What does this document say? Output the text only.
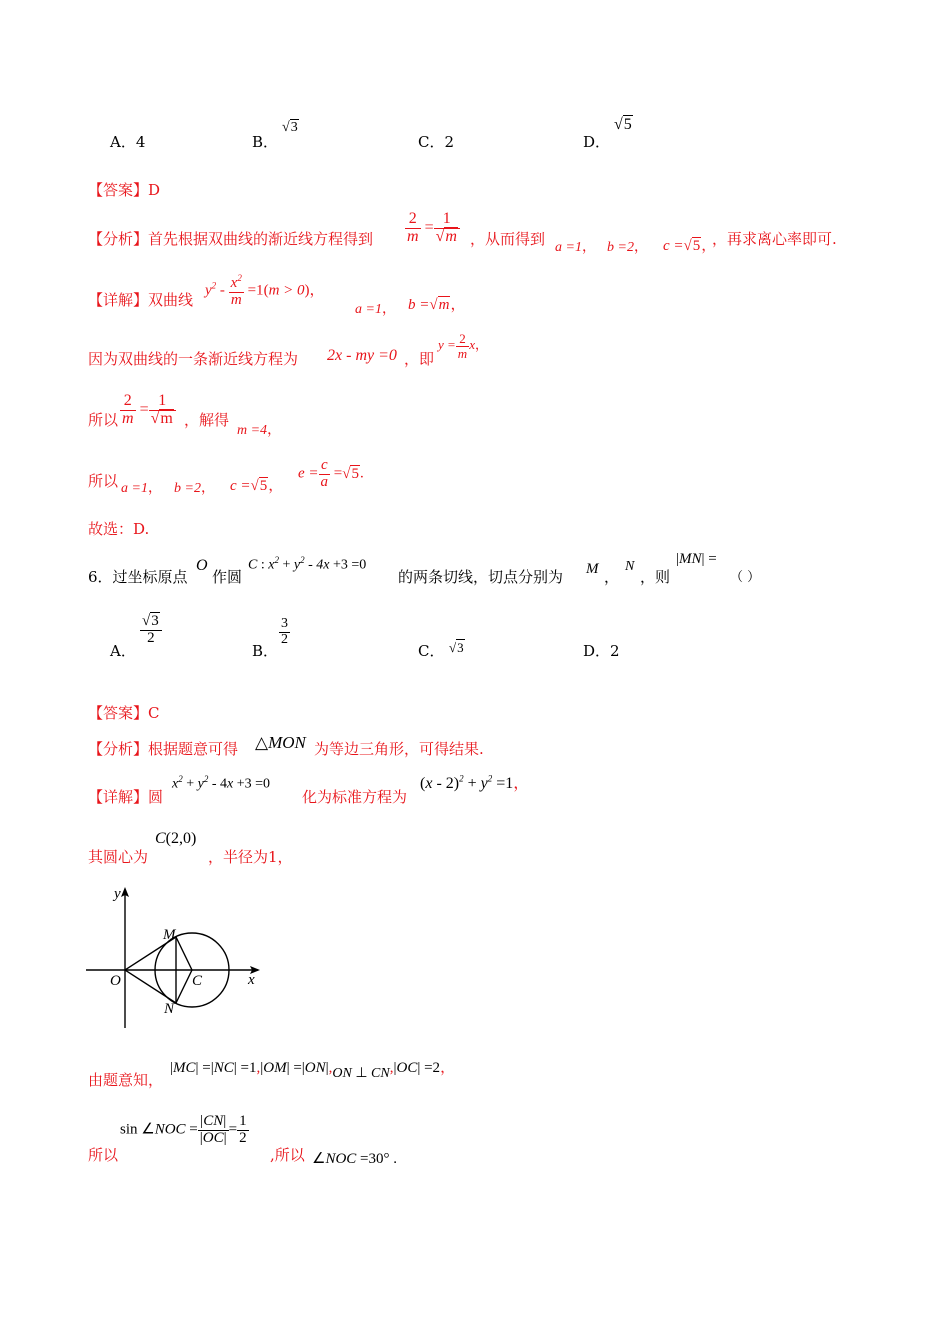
A．4	B．
√3
C．2	D．
√5
【答案】D
【分析】首先根据双曲线的渐近线方程得到 $\frac{2}{m} = \frac{1}{√m}$ ，从而得到 a =1， b =2， c =√5，
，再求离心率即可.
【详解】双曲线
$y^2 - \frac{x^2}{m} =1(m > 0)$，
a =1， b =√m，
因为双曲线的一条渐近线方程为 2x - my =0 ，即
$y = \frac{2}{m}$ x，
所以 $\frac{2}{m} = \frac{1}{√m}$ ，解得
m =4，
所以 a =1， b =2， c =√5，
$e = \frac{c}{a} =√5$.
故选：D.
6．过坐标原点
O
作圆
C : $x^2 + y^2 - 4x +3 =0$
的两条切线，切点分别为 M ，
N
，则
|MN| =
（ ）
A．
$\frac{√3}{2}$
B．
$\frac{3}{2}$
C． √3	D．2
【答案】C
【分析】根据题意可得 △MON 为等边三角形，可得结果.
【详解】圆
$x^2 + y^2 - 4x +3 =0$
化为标准方程为
$(x - 2)^2 + y^2 =1$，
其圆心为
C(2,0)
，半径为1，
y
x
O
M
N
C
由题意知，
|MC| =|NC| =1,|OM| =|ON|,ON ⊥ CN,|OC| =2，
所以
sin ∠NOC = $\frac{|CN|}{|OC|} = \frac{1}{2}$
,所以 ∠NOC =30° .
